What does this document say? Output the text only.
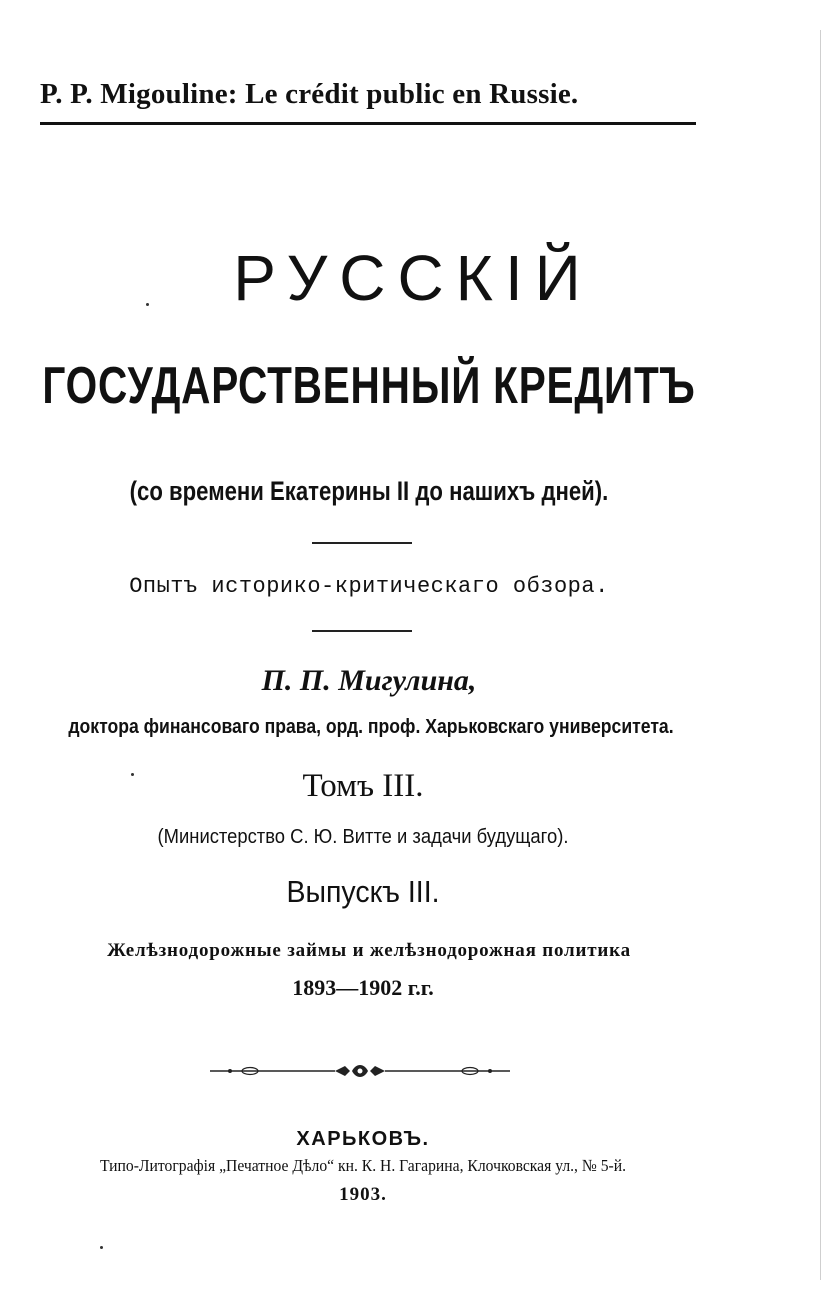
P. P. Migouline: Le crédit public en Russie.
РУССКІЙ
ГОСУДАРСТВЕННЫЙ КРЕДИТЪ
(со времени Екатерины II до нашихъ дней).
Опытъ историко-критическаго обзора.
П. П. Мигулина,
доктора финансоваго права, орд. проф. Харьковскаго университета.
Томъ III.
(Министерство С. Ю. Витте и задачи будущаго).
Выпускъ III.
Желѣзнодорожные займы и желѣзнодорожная политика
1893—1902 г.г.
ХАРЬКОВЪ.
Типо-Литографія „Печатное Дѣло“ кн. К. Н. Гагарина, Клочковская ул., № 5-й.
1903.
